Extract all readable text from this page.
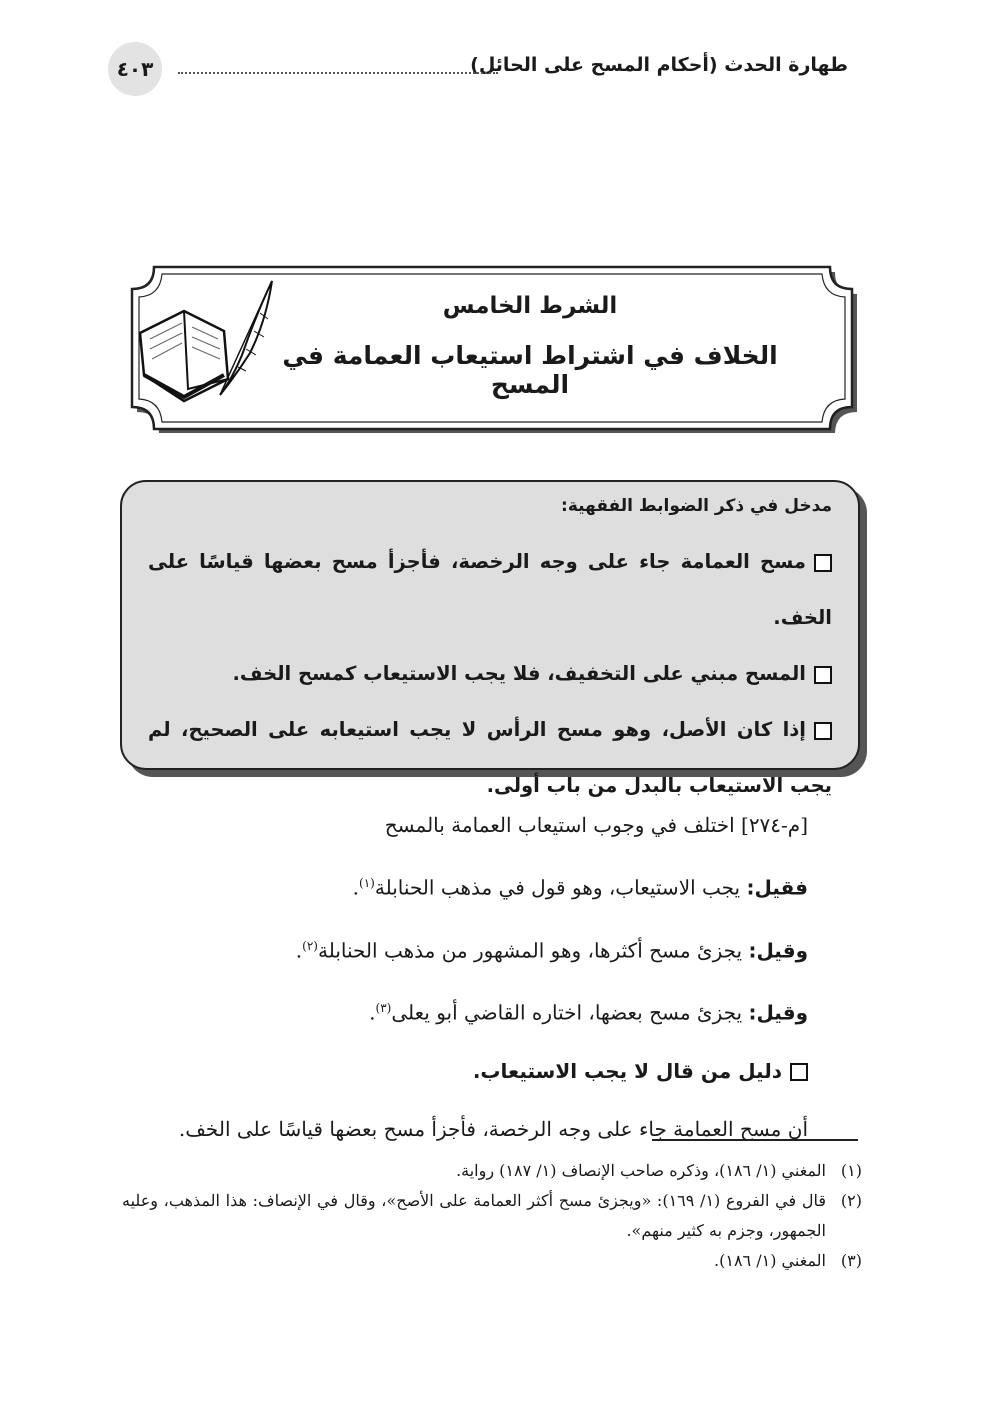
طهارة الحدث (أحكام المسح على الحائل)
٤٠٣
الشرط الخامس
الخلاف في اشتراط استيعاب العمامة في المسح
مدخل في ذكر الضوابط الفقهية:
مسح العمامة جاء على وجه الرخصة، فأجزأ مسح بعضها قياسًا على الخف.
المسح مبني على التخفيف، فلا يجب الاستيعاب كمسح الخف.
إذا كان الأصل، وهو مسح الرأس لا يجب استيعابه على الصحيح، لم يجب الاستيعاب بالبدل من باب أولى.
[م-٢٧٤] اختلف في وجوب استيعاب العمامة بالمسح
فقيل: يجب الاستيعاب، وهو قول في مذهب الحنابلة$^{(١)}$.
وقيل: يجزئ مسح أكثرها، وهو المشهور من مذهب الحنابلة$^{(٢)}$.
وقيل: يجزئ مسح بعضها، اختاره القاضي أبو يعلى$^{(٣)}$.
دليل من قال لا يجب الاستيعاب.
أن مسح العمامة جاء على وجه الرخصة، فأجزأ مسح بعضها قياسًا على الخف.
(١)
المغني (١/ ١٨٦)، وذكره صاحب الإنصاف (١/ ١٨٧) رواية.
(٢)
قال في الفروع (١/ ١٦٩): «ويجزئ مسح أكثر العمامة على الأصح»، وقال في الإنصاف: هذا المذهب، وعليه الجمهور، وجزم به كثير منهم».
(٣)
المغني (١/ ١٨٦).
